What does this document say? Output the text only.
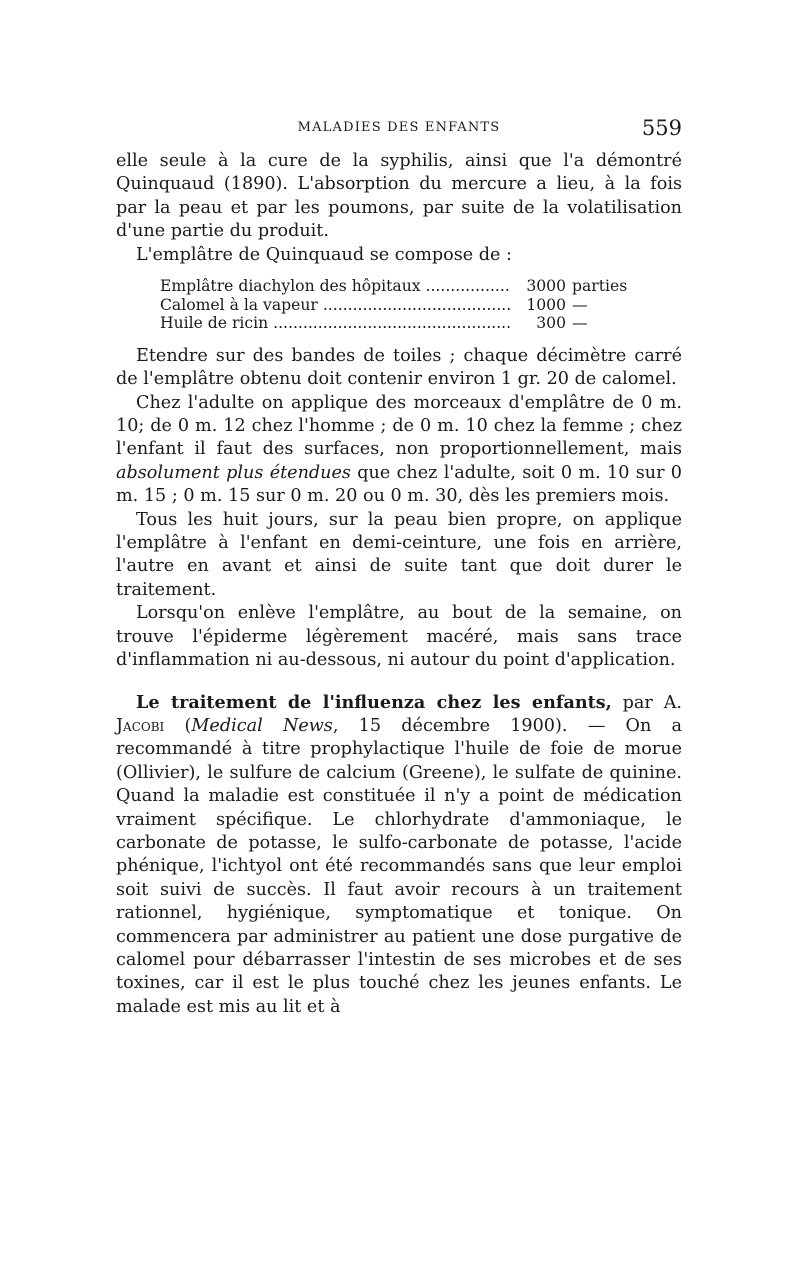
MALADIES DES ENFANTS	559

elle seule à la cure de la syphilis, ainsi que l'a démontré Quinquaud (1890). L'absorption du mercure a lieu, à la fois par la peau et par les poumons, par suite de la volatilisation d'une partie du produit.

L'emplâtre de Quinquaud se compose de :

Emplâtre diachylon des hôpitaux .....	3000 parties
Calomel à la vapeur .....	1000 —
Huile de ricin .....	300 —

Etendre sur des bandes de toiles ; chaque décimètre carré de l'emplâtre obtenu doit contenir environ 1 gr. 20 de calomel.

Chez l'adulte on applique des morceaux d'emplâtre de 0 m. 10; de 0 m. 12 chez l'homme ; de 0 m. 10 chez la femme ; chez l'enfant il faut des surfaces, non proportionnellement, mais absolument plus étendues que chez l'adulte, soit 0 m. 10 sur 0 m. 15 ; 0 m. 15 sur 0 m. 20 ou 0 m. 30, dès les premiers mois.

Tous les huit jours, sur la peau bien propre, on applique l'emplâtre à l'enfant en demi-ceinture, une fois en arrière, l'autre en avant et ainsi de suite tant que doit durer le traitement.

Lorsqu'on enlève l'emplâtre, au bout de la semaine, on trouve l'épiderme légèrement macéré, mais sans trace d'inflammation ni au-dessous, ni autour du point d'application.

Le traitement de l'influenza chez les enfants, par A. Jacobi (Medical News, 15 décembre 1900). — On a recommandé à titre prophylactique l'huile de foie de morue (Ollivier), le sulfure de calcium (Greene), le sulfate de quinine. Quand la maladie est constituée il n'y a point de médication vraiment spécifique. Le chlorhydrate d'ammoniaque, le carbonate de potasse, le sulfo-carbonate de potasse, l'acide phénique, l'ichtyol ont été recommandés sans que leur emploi soit suivi de succès. Il faut avoir recours à un traitement rationnel, hygiénique, symptomatique et tonique. On commencera par administrer au patient une dose purgative de calomel pour débarrasser l'intestin de ses microbes et de ses toxines, car il est le plus touché chez les jeunes enfants. Le malade est mis au lit et à
